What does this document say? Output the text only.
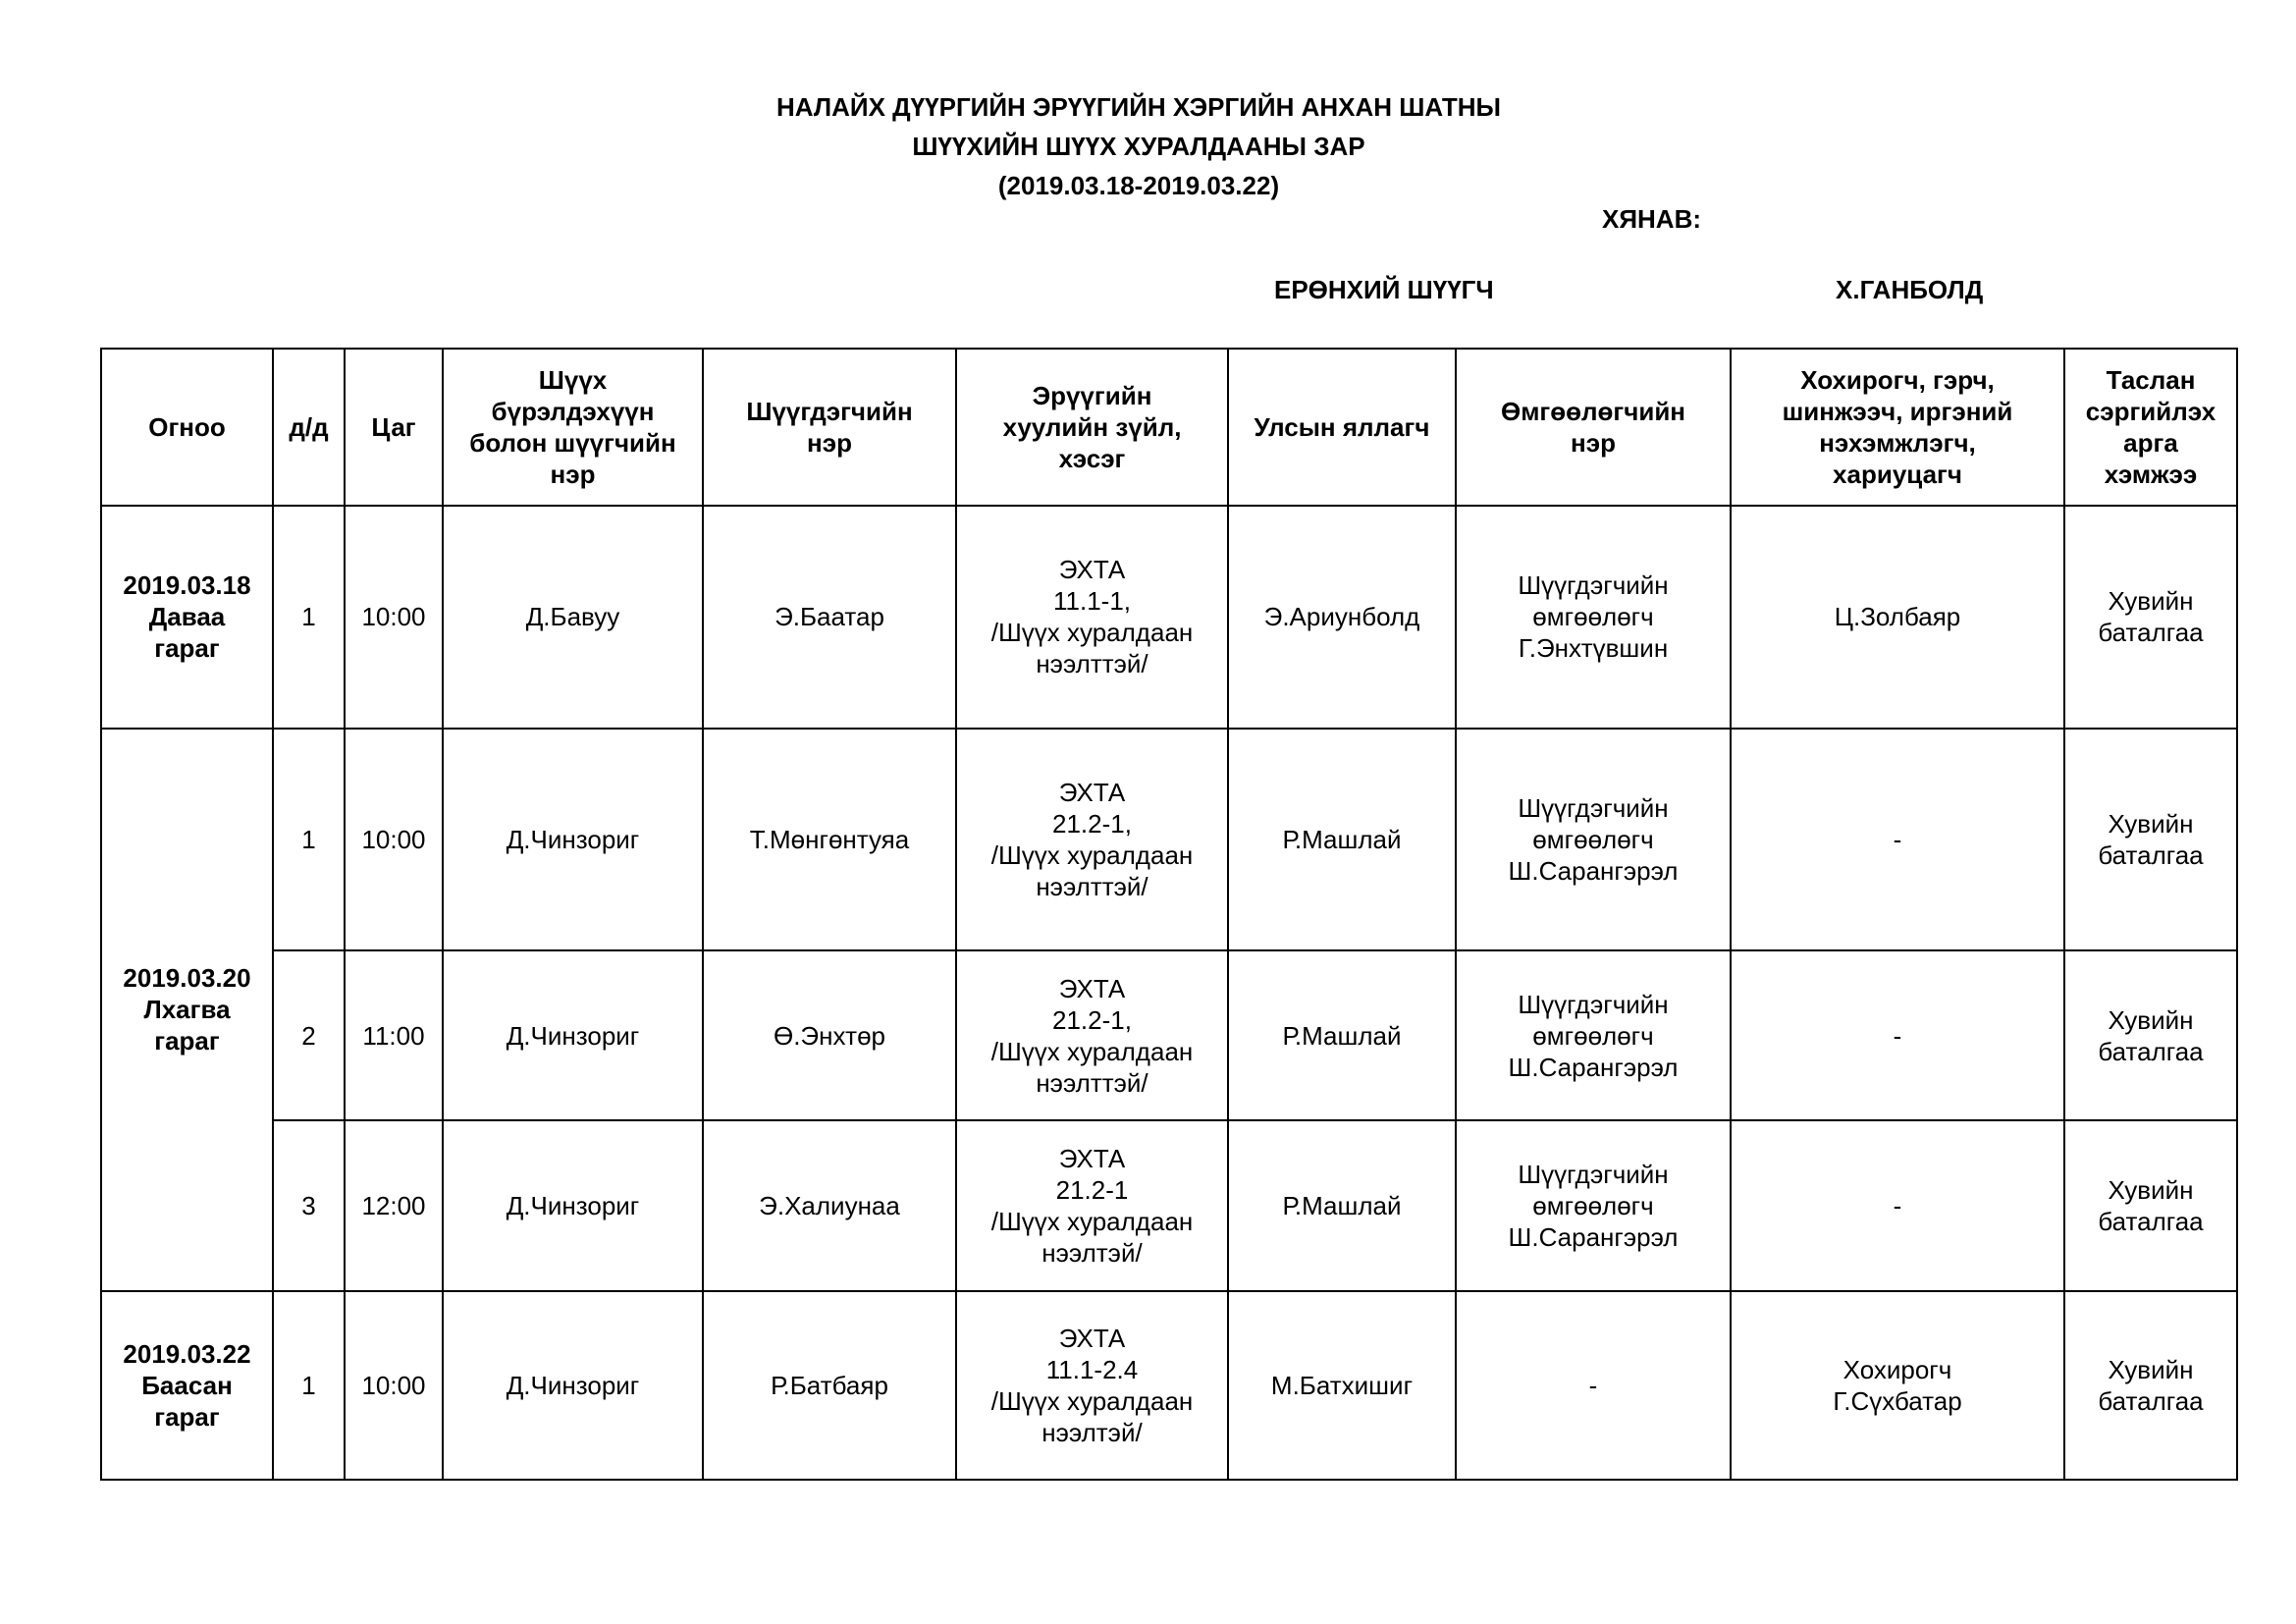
НАЛАЙХ ДҮҮРГИЙН ЭРҮҮГИЙН ХЭРГИЙН АНХАН ШАТНЫ
ШҮҮХИЙН ШҮҮХ ХУРАЛДААНЫ ЗАР
(2019.03.18-2019.03.22)
ХЯНАВ:
ЕРӨНХИЙ ШҮҮГЧ	Х.ГАНБОЛД
Огноо	д/д	Цаг	Шүүх
бүрэлдэхүүн
болон шүүгчийн
нэр	Шүүгдэгчийн
нэр	Эрүүгийн
хуулийн зүйл,
хэсэг	Улсын яллагч	Өмгөөлөгчийн
нэр	Хохирогч, гэрч,
шинжээч, иргэний
нэхэмжлэгч,
хариуцагч	Таслан
сэргийлэх
арга
хэмжээ
2019.03.18
Даваа
гараг	1	10:00	Д.Бавуу	Э.Баатар	ЭХТА
11.1-1,
/Шүүх хуралдаан
нээлттэй/	Э.Ариунболд	Шүүгдэгчийн
өмгөөлөгч
Г.Энхтүвшин	Ц.Золбаяр	Хувийн
баталгаа
2019.03.20
Лхагва
гараг	1	10:00	Д.Чинзориг	Т.Мөнгөнтуяа	ЭХТА
21.2-1,
/Шүүх хуралдаан
нээлттэй/	Р.Машлай	Шүүгдэгчийн
өмгөөлөгч
Ш.Сарангэрэл	-	Хувийн
баталгаа
	2	11:00	Д.Чинзориг	Ө.Энхтөр	ЭХТА
21.2-1,
/Шүүх хуралдаан
нээлттэй/	Р.Машлай	Шүүгдэгчийн
өмгөөлөгч
Ш.Сарангэрэл	-	Хувийн
баталгаа
	3	12:00	Д.Чинзориг	Э.Халиунаа	ЭХТА
21.2-1
/Шүүх хуралдаан
нээлтэй/	Р.Машлай	Шүүгдэгчийн
өмгөөлөгч
Ш.Сарангэрэл	-	Хувийн
баталгаа
2019.03.22
Баасан
гараг	1	10:00	Д.Чинзориг	Р.Батбаяр	ЭХТА
11.1-2.4
/Шүүх хуралдаан
нээлтэй/	М.Батхишиг	-	Хохирогч
Г.Сүхбатар	Хувийн
баталгаа
